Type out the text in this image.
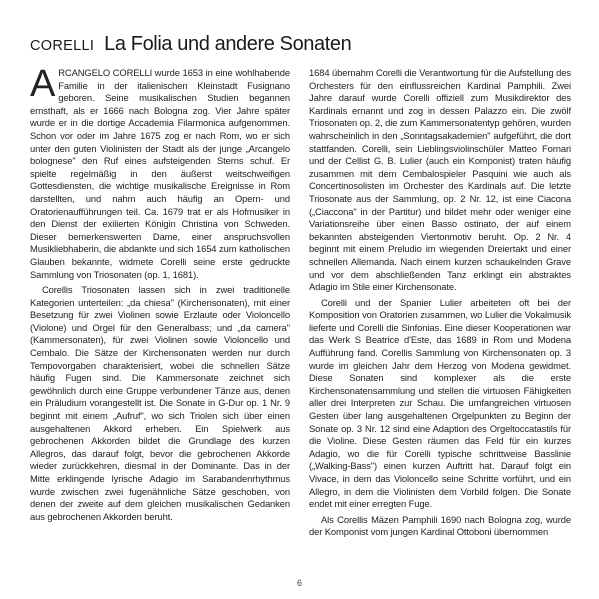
CORELLI La Folia und andere Sonaten

ARCANGELO CORELLI wurde 1653 in eine wohlhabende Familie in der italienischen Kleinstadt Fusignano geboren. Seine musikalischen Studien begannen ernsthaft, als er 1666 nach Bologna zog. Vier Jahre später wurde er in die dortige Accademia Filarmonica aufgenommen. Schon vor oder im Jahre 1675 zog er nach Rom, wo er sich unter den guten Violinisten der Stadt als der junge „Arcangelo bolognese" den Ruf eines aufsteigenden Sterns schuf. Er spielte regelmäßig in den äußerst weitschweifigen Gottesdiensten, die wichtige musikalische Ereignisse in Rom darstellten, und nahm auch häufig an Opern- und Oratorienaufführungen teil. Ca. 1679 trat er als Hofmusiker in den Dienst der exilierten Königin Christina von Schweden. Dieser bemerkenswerten Dame, einer anspruchsvollen Musikliebhaberin, die abdankte und sich 1654 zum katholischen Glauben bekannte, widmete Corelli seine erste gedruckte Sammlung von Triosonaten (op. 1, 1681).

Corellis Triosonaten lassen sich in zwei traditionelle Kategorien unterteilen: „da chiesa" (Kirchensonaten), mit einer Besetzung für zwei Violinen sowie Erzlaute oder Violoncello (Violone) und Orgel für den Generalbass; und „da camera" (Kammersonaten), für zwei Violinen sowie Violoncello und Cembalo. Die Sätze der Kirchensonaten werden nur durch Tempovorgaben charakterisiert, wobei die schnellen Sätze häufig Fugen sind. Die Kammersonate zeichnet sich gewöhnlich durch eine Gruppe verbundener Tänze aus, denen ein Präludium vorangestellt ist. Die Sonate in G-Dur op. 1 Nr. 9 beginnt mit einem „Aufruf", wo sich Triolen sich über einen ausgehaltenen Akkord erheben. Ein Spielwerk aus gebrochenen Akkorden bildet die Grundlage des kurzen Allegros, das darauf folgt, bevor die gebrochenen Akkorde wieder zurückkehren, diesmal in der Dominante. Das in der Mitte erklingende lyrische Adagio im Sarabandenrhythmus wurde zwischen zwei fugenähnliche Sätze geschoben, von denen der zweite auf dem gleichen musikalischen Gedanken aus gebrochenen Akkorden beruht.

1684 übernahm Corelli die Verantwortung für die Aufstellung des Orchesters für den einflussreichen Kardinal Pamphili. Zwei Jahre darauf wurde Corelli offiziell zum Musikdirektor des Kardinals ernannt und zog in dessen Palazzo ein. Die zwölf Triosonaten op. 2, die zum Kammersonatentyp gehören, wurden wahrscheinlich in den „Sonntagsakademien" aufgeführt, die dort stattfanden. Corelli, sein Lieblingsviolinschüler Matteo Fornari und der Cellist G. B. Lulier (auch ein Komponist) traten häufig zusammen mit dem Cembalospieler Pasquini wie auch als Concertinosolisten im Orchester des Kardinals auf. Die letzte Triosonate aus der Sammlung, op. 2 Nr. 12, ist eine Ciacona („Ciaccona" in der Partitur) und bildet mehr oder weniger eine Variationsreihe über einen Basso ostinato, der auf einem bekannten absteigenden Viertonmotiv beruht. Op. 2 Nr. 4 beginnt mit einem Preludio im wiegenden Dreiertakt und einer schnellen Allemanda. Nach einem kurzen schaukelnden Grave und vor dem abschließenden Tanz erklingt ein abstraktes Adagio im Stile einer Kirchensonate.

Corelli und der Spanier Lulier arbeiteten oft bei der Komposition von Oratorien zusammen, wo Lulier die Vokalmusik lieferte und Corelli die Sinfonias. Eine dieser Kooperationen war das Werk S Beatrice d'Este, das 1689 in Rom und Modena Aufführung fand. Corellis Sammlung von Kirchensonaten op. 3 wurde im gleichen Jahr dem Herzog von Modena gewidmet. Diese Sonaten sind komplexer als die erste Kirchensonatensammlung und stellen die virtuosen Fähigkeiten aller drei Interpreten zur Schau. Die umfangreichen virtuosen Gesten über lang ausgehaltenen Orgelpunkten zu Beginn der Sonate op. 3 Nr. 12 sind eine Adaption des Orgeltoccatastils für die Violine. Diese Gesten räumen das Feld für ein kurzes Adagio, wo die für Corelli typische schrittweise Basslinie („Walking-Bass") einen kurzen Auftritt hat. Darauf folgt ein Vivace, in dem das Violoncello seine Schritte vorführt, und ein Allegro, in dem die Violinisten dem Vorbild folgen. Die Sonate endet mit einer erregten Fuge.

Als Corellis Mäzen Pamphili 1690 nach Bologna zog, wurde der Komponist vom jungen Kardinal Ottoboni übernommen

6
